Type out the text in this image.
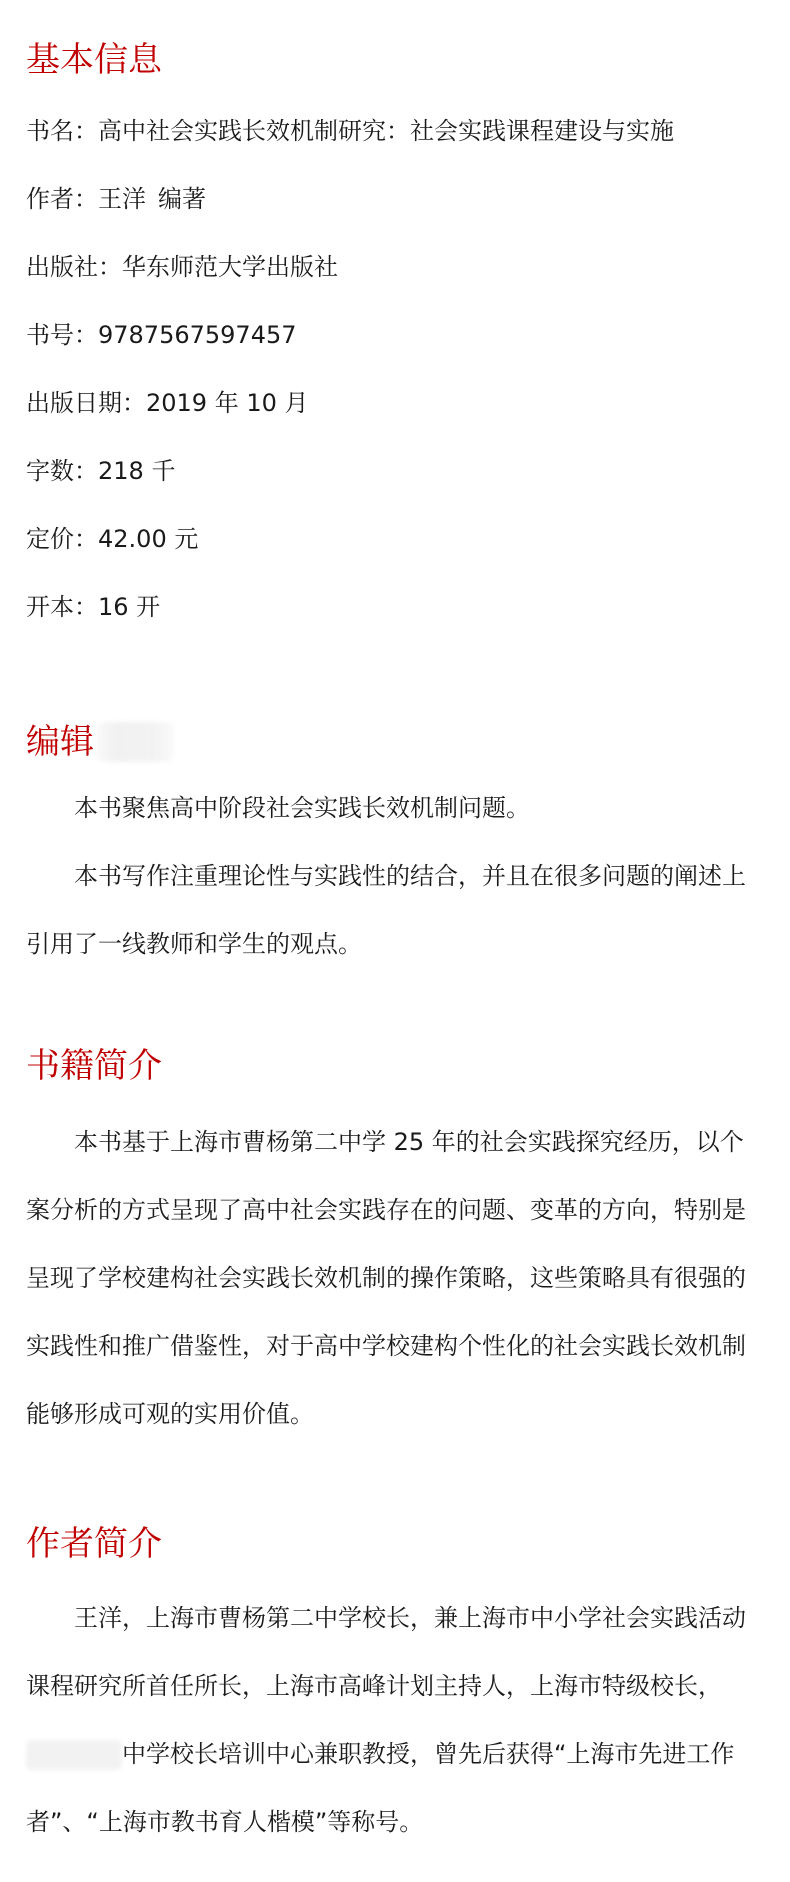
基本信息
书名：高中社会实践长效机制研究：社会实践课程建设与实施
作者：王洋 编著
出版社：华东师范大学出版社
书号：9787567597457
出版日期：2019 年 10 月
字数：218 千
定价：42.00 元
开本：16 开
编辑

本书聚焦高中阶段社会实践长效机制问题。

本书写作注重理论性与实践性的结合，并且在很多问题的阐述上引用了一线教师和学生的观点。

书籍简介

本书基于上海市曹杨第二中学 25 年的社会实践探究经历，以个案分析的方式呈现了高中社会实践存在的问题、变革的方向，特别是呈现了学校建构社会实践长效机制的操作策略，这些策略具有很强的实践性和推广借鉴性，对于高中学校建构个性化的社会实践长效机制能够形成可观的实用价值。

作者简介

王洋，上海市曹杨第二中学校长，兼上海市中小学社会实践活动课程研究所首任所长，上海市高峰计划主持人，上海市特级校长，中学校长培训中心兼职教授，曾先后获得“上海市先进工作者”、“上海市教书育人楷模”等称号。
